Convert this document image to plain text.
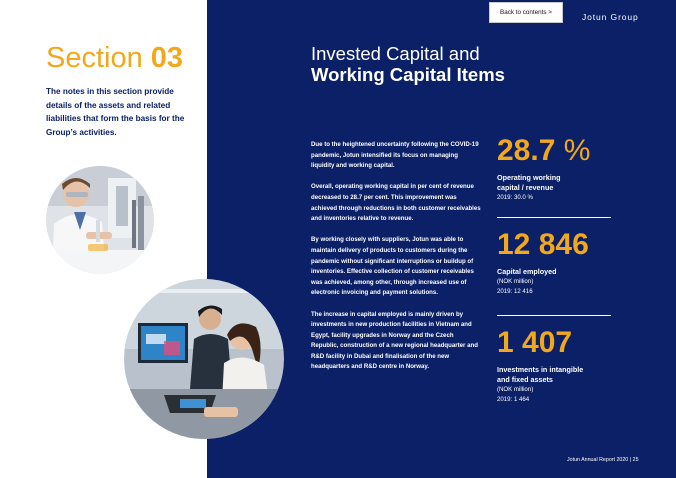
Section 03
The notes in this section provide details of the assets and related liabilities that form the basis for the Group’s activities.
Back to contents >	Jotun Group
Invested Capital and
Working Capital Items

Due to the heightened uncertainty following the COVID-19 pandemic, Jotun intensified its focus on managing liquidity and working capital.

Overall, operating working capital in per cent of revenue decreased to 28.7 per cent. This improvement was achieved through reductions in both customer receivables and inventories relative to revenue.

By working closely with suppliers, Jotun was able to maintain delivery of products to customers during the pandemic without significant interruptions or buildup of inventories. Effective collection of customer receivables was achieved, among other, through increased use of electronic invoicing and payment solutions.

The increase in capital employed is mainly driven by investments in new production facilities in Vietnam and Egypt, facility upgrades in Norway and the Czech Republic, construction of a new regional headquarter and R&D facility in Dubai and finalisation of the new headquarters and R&D centre in Norway.

28.7 %
Operating working
capital / revenue
2019: 30.0 %
12 846
Capital employed
(NOK million)
2019: 12 416
1 407
Investments in intangible
and fixed assets
(NOK million)
2019: 1 464
Jotun Annual Report 2020 | 25
